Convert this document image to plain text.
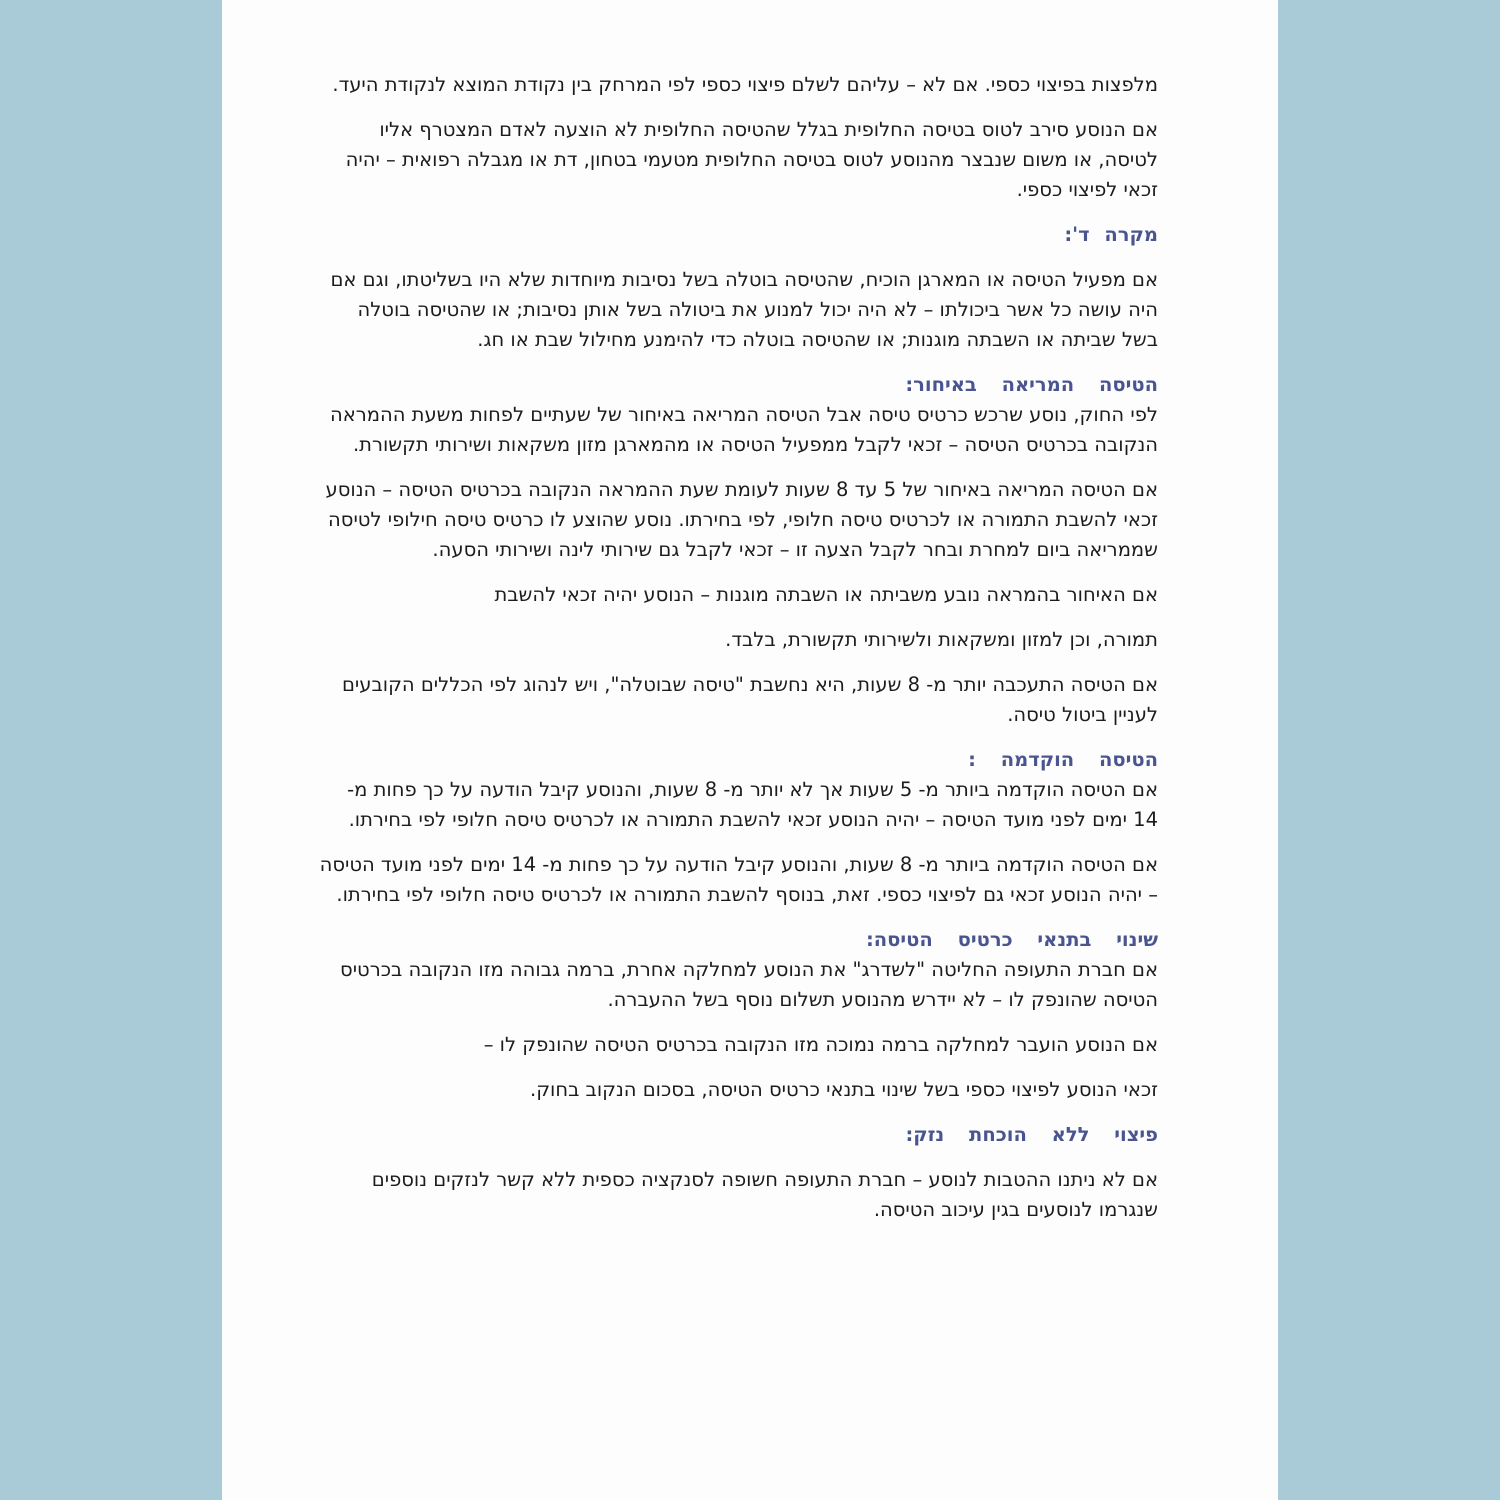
מלפצות בפיצוי כספי. אם לא – עליהם לשלם פיצוי כספי לפי המרחק בין נקודת המוצא לנקודת היעד.

אם הנוסע סירב לטוס בטיסה החלופית בגלל שהטיסה החלופית לא הוצעה לאדם המצטרף אליו לטיסה, או משום שנבצר מהנוסע לטוס בטיסה החלופית מטעמי בטחון, דת או מגבלה רפואית – יהיה זכאי לפיצוי כספי.

מקרה ד':

אם מפעיל הטיסה או המארגן הוכיח, שהטיסה בוטלה בשל נסיבות מיוחדות שלא היו בשליטתו, וגם אם היה עושה כל אשר ביכולתו – לא היה יכול למנוע את ביטולה בשל אותן נסיבות; או שהטיסה בוטלה בשל שביתה או השבתה מוגנות; או שהטיסה בוטלה כדי להימנע מחילול שבת או חג.

הטיסה המריאה באיחור:

לפי החוק, נוסע שרכש כרטיס טיסה אבל הטיסה המריאה באיחור של שעתיים לפחות משעת ההמראה הנקובה בכרטיס הטיסה – זכאי לקבל ממפעיל הטיסה או מהמארגן מזון משקאות ושירותי תקשורת.

אם הטיסה המריאה באיחור של 5 עד 8 שעות לעומת שעת ההמראה הנקובה בכרטיס הטיסה – הנוסע זכאי להשבת התמורה או לכרטיס טיסה חלופי, לפי בחירתו. נוסע שהוצע לו כרטיס טיסה חילופי לטיסה שממריאה ביום למחרת ובחר לקבל הצעה זו – זכאי לקבל גם שירותי לינה ושירותי הסעה.

אם האיחור בהמראה נובע משביתה או השבתה מוגנות – הנוסע יהיה זכאי להשבת

תמורה, וכן למזון ומשקאות ולשירותי תקשורת, בלבד.

אם הטיסה התעכבה יותר מ- 8 שעות, היא נחשבת "טיסה שבוטלה", ויש לנהוג לפי הכללים הקובעים לעניין ביטול טיסה.

הטיסה הוקדמה :

אם הטיסה הוקדמה ביותר מ- 5 שעות אך לא יותר מ- 8 שעות, והנוסע קיבל הודעה על כך פחות מ- 14 ימים לפני מועד הטיסה – יהיה הנוסע זכאי להשבת התמורה או לכרטיס טיסה חלופי לפי בחירתו.

אם הטיסה הוקדמה ביותר מ- 8 שעות, והנוסע קיבל הודעה על כך פחות מ- 14 ימים לפני מועד הטיסה – יהיה הנוסע זכאי גם לפיצוי כספי. זאת, בנוסף להשבת התמורה או לכרטיס טיסה חלופי לפי בחירתו.

שינוי בתנאי כרטיס הטיסה:

אם חברת התעופה החליטה "לשדרג" את הנוסע למחלקה אחרת, ברמה גבוהה מזו הנקובה בכרטיס הטיסה שהונפק לו – לא יידרש מהנוסע תשלום נוסף בשל ההעברה.

אם הנוסע הועבר למחלקה ברמה נמוכה מזו הנקובה בכרטיס הטיסה שהונפק לו –

זכאי הנוסע לפיצוי כספי בשל שינוי בתנאי כרטיס הטיסה, בסכום הנקוב בחוק.

פיצוי ללא הוכחת נזק:

אם לא ניתנו ההטבות לנוסע – חברת התעופה חשופה לסנקציה כספית ללא קשר לנזקים נוספים שנגרמו לנוסעים בגין עיכוב הטיסה.
